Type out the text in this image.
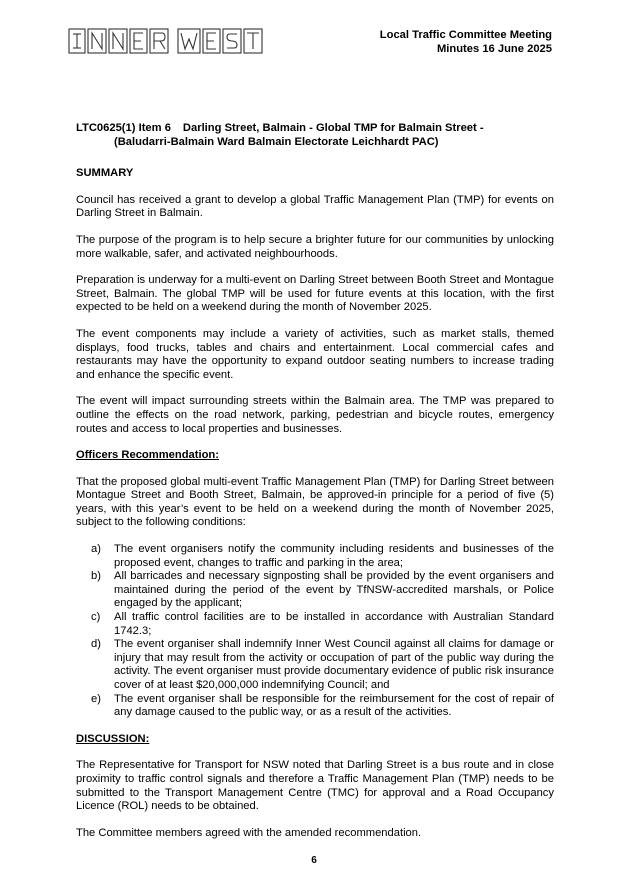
Local Traffic Committee Meeting
Minutes 16 June 2025
LTC0625(1) Item 6 Darling Street, Balmain - Global TMP for Balmain Street -
(Baludarri-Balmain Ward Balmain Electorate Leichhardt PAC)
SUMMARY

Council has received a grant to develop a global Traffic Management Plan (TMP) for events on Darling Street in Balmain.

The purpose of the program is to help secure a brighter future for our communities by unlocking more walkable, safer, and activated neighbourhoods.

Preparation is underway for a multi-event on Darling Street between Booth Street and Montague Street, Balmain. The global TMP will be used for future events at this location, with the first expected to be held on a weekend during the month of November 2025.

The event components may include a variety of activities, such as market stalls, themed displays, food trucks, tables and chairs and entertainment. Local commercial cafes and restaurants may have the opportunity to expand outdoor seating numbers to increase trading and enhance the specific event.

The event will impact surrounding streets within the Balmain area. The TMP was prepared to outline the effects on the road network, parking, pedestrian and bicycle routes, emergency routes and access to local properties and businesses.

Officers Recommendation:

That the proposed global multi-event Traffic Management Plan (TMP) for Darling Street between Montague Street and Booth Street, Balmain, be approved-in principle for a period of five (5) years, with this year’s event to be held on a weekend during the month of November 2025, subject to the following conditions:

a)	The event organisers notify the community including residents and businesses of the proposed event, changes to traffic and parking in the area;
b)	All barricades and necessary signposting shall be provided by the event organisers and maintained during the period of the event by TfNSW-accredited marshals, or Police engaged by the applicant;
c)	All traffic control facilities are to be installed in accordance with Australian Standard 1742.3;
d)	The event organiser shall indemnify Inner West Council against all claims for damage or injury that may result from the activity or occupation of part of the public way during the activity. The event organiser must provide documentary evidence of public risk insurance cover of at least $20,000,000 indemnifying Council; and
e)	The event organiser shall be responsible for the reimbursement for the cost of repair of any damage caused to the public way, or as a result of the activities.
DISCUSSION:

The Representative for Transport for NSW noted that Darling Street is a bus route and in close proximity to traffic control signals and therefore a Traffic Management Plan (TMP) needs to be submitted to the Transport Management Centre (TMC) for approval and a Road Occupancy Licence (ROL) needs to be obtained.

The Committee members agreed with the amended recommendation.

6
